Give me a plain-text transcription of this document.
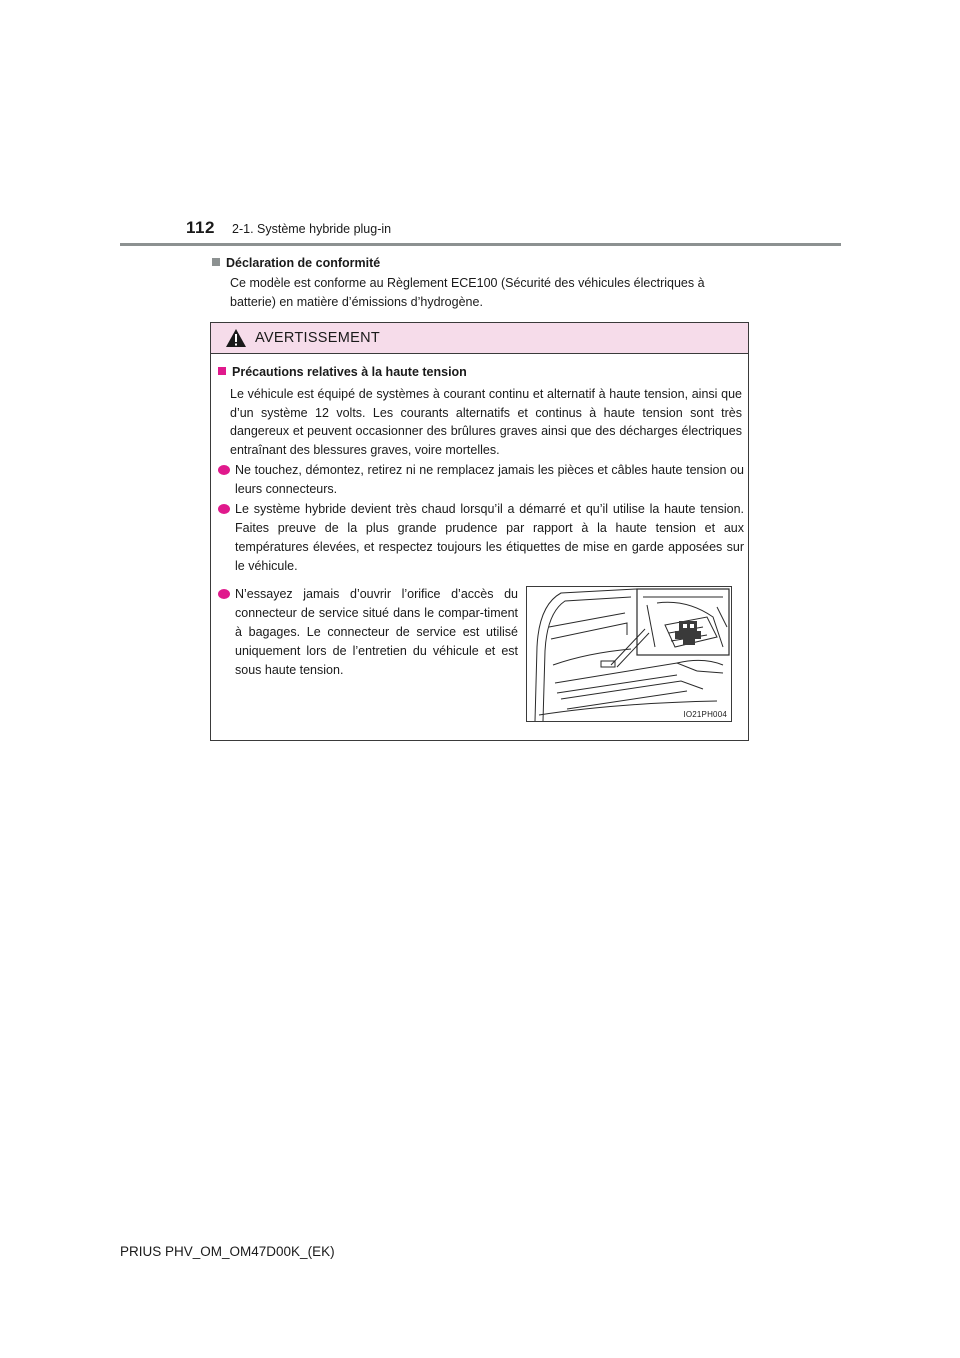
112 2-1. Système hybride plug-in

Déclaration de conformité

Ce modèle est conforme au Règlement ECE100 (Sécurité des véhicules électriques à batterie) en matière d’émissions d’hydrogène.

AVERTISSEMENT
Précautions relatives à la haute tension
Le véhicule est équipé de systèmes à courant continu et alternatif à haute tension, ainsi que d’un système 12 volts. Les courants alternatifs et continus à haute tension sont très dangereux et peuvent occasionner des brûlures graves ainsi que des décharges électriques entraînant des blessures graves, voire mortelles.
Ne touchez, démontez, retirez ni ne remplacez jamais les pièces et câbles haute tension ou leurs connecteurs.
Le système hybride devient très chaud lorsqu’il a démarré et qu’il utilise la haute tension. Faites preuve de la plus grande prudence par rapport à la haute tension et aux températures élevées, et respectez toujours les étiquettes de mise en garde apposées sur le véhicule.
N’essayez jamais d’ouvrir l’orifice d’accès du connecteur de service situé dans le compar-timent à bagages. Le connecteur de service est utilisé uniquement lors de l’entretien du véhicule et est sous haute tension.
IO21PH004
PRIUS PHV_OM_OM47D00K_(EK)
